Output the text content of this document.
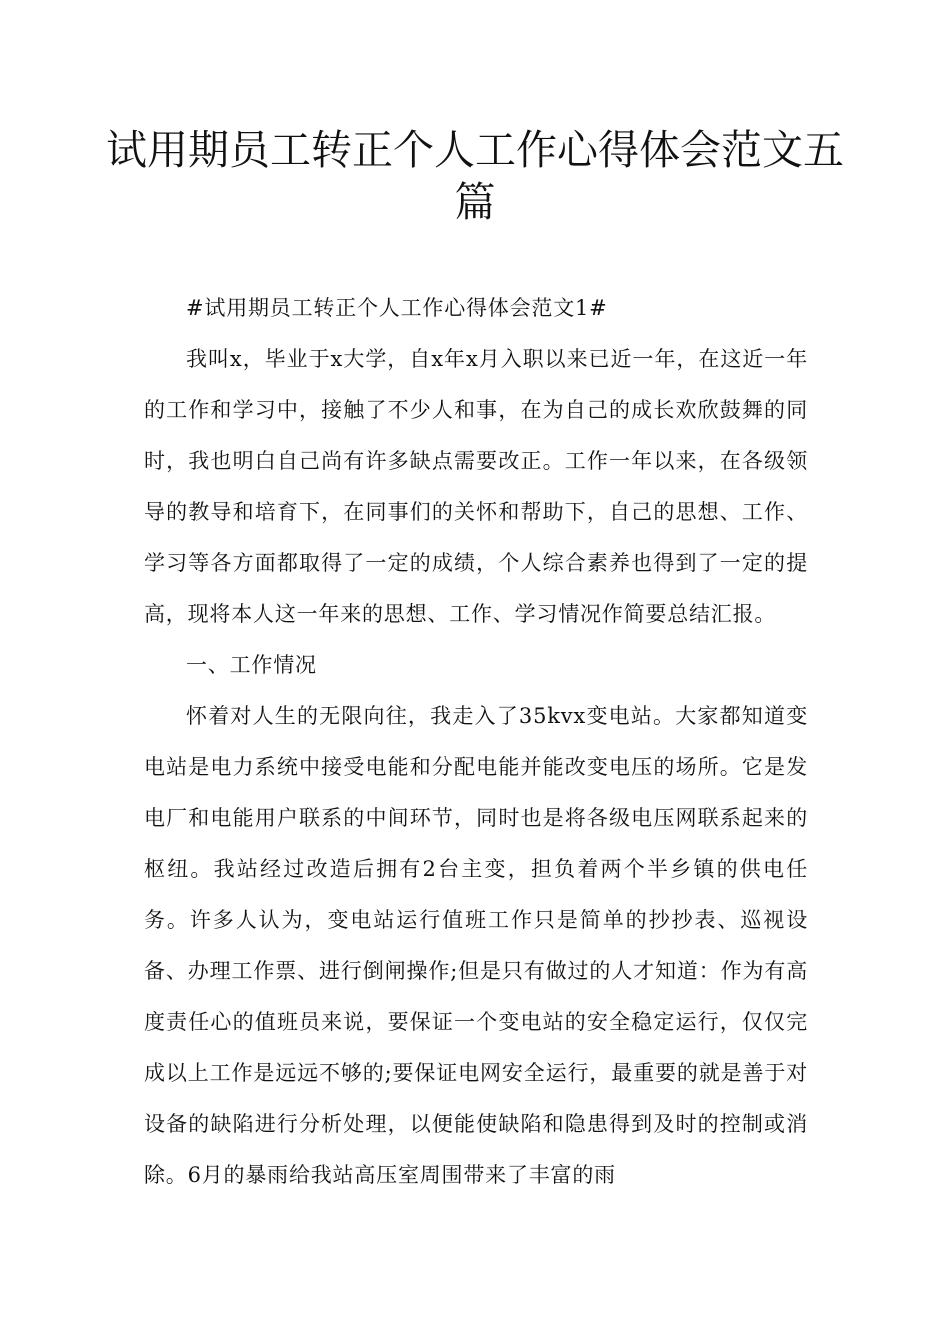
试用期员工转正个人工作心得体会范文五篇

#试用期员工转正个人工作心得体会范文1#

我叫x，毕业于x大学，自x年x月入职以来已近一年，在这近一年的工作和学习中，接触了不少人和事，在为自己的成长欢欣鼓舞的同时，我也明白自己尚有许多缺点需要改正。工作一年以来，在各级领导的教导和培育下，在同事们的关怀和帮助下，自己的思想、工作、学习等各方面都取得了一定的成绩，个人综合素养也得到了一定的提高，现将本人这一年来的思想、工作、学习情况作简要总结汇报。

一、工作情况

怀着对人生的无限向往，我走入了35kvx变电站。大家都知道变电站是电力系统中接受电能和分配电能并能改变电压的场所。它是发电厂和电能用户联系的中间环节，同时也是将各级电压网联系起来的枢纽。我站经过改造后拥有2台主变，担负着两个半乡镇的供电任务。许多人认为，变电站运行值班工作只是简单的抄抄表、巡视设备、办理工作票、进行倒闸操作;但是只有做过的人才知道：作为有高度责任心的值班员来说，要保证一个变电站的安全稳定运行，仅仅完成以上工作是远远不够的;要保证电网安全运行，最重要的就是善于对设备的缺陷进行分析处理，以便能使缺陷和隐患得到及时的控制或消除。6月的暴雨给我站高压室周围带来了丰富的雨
